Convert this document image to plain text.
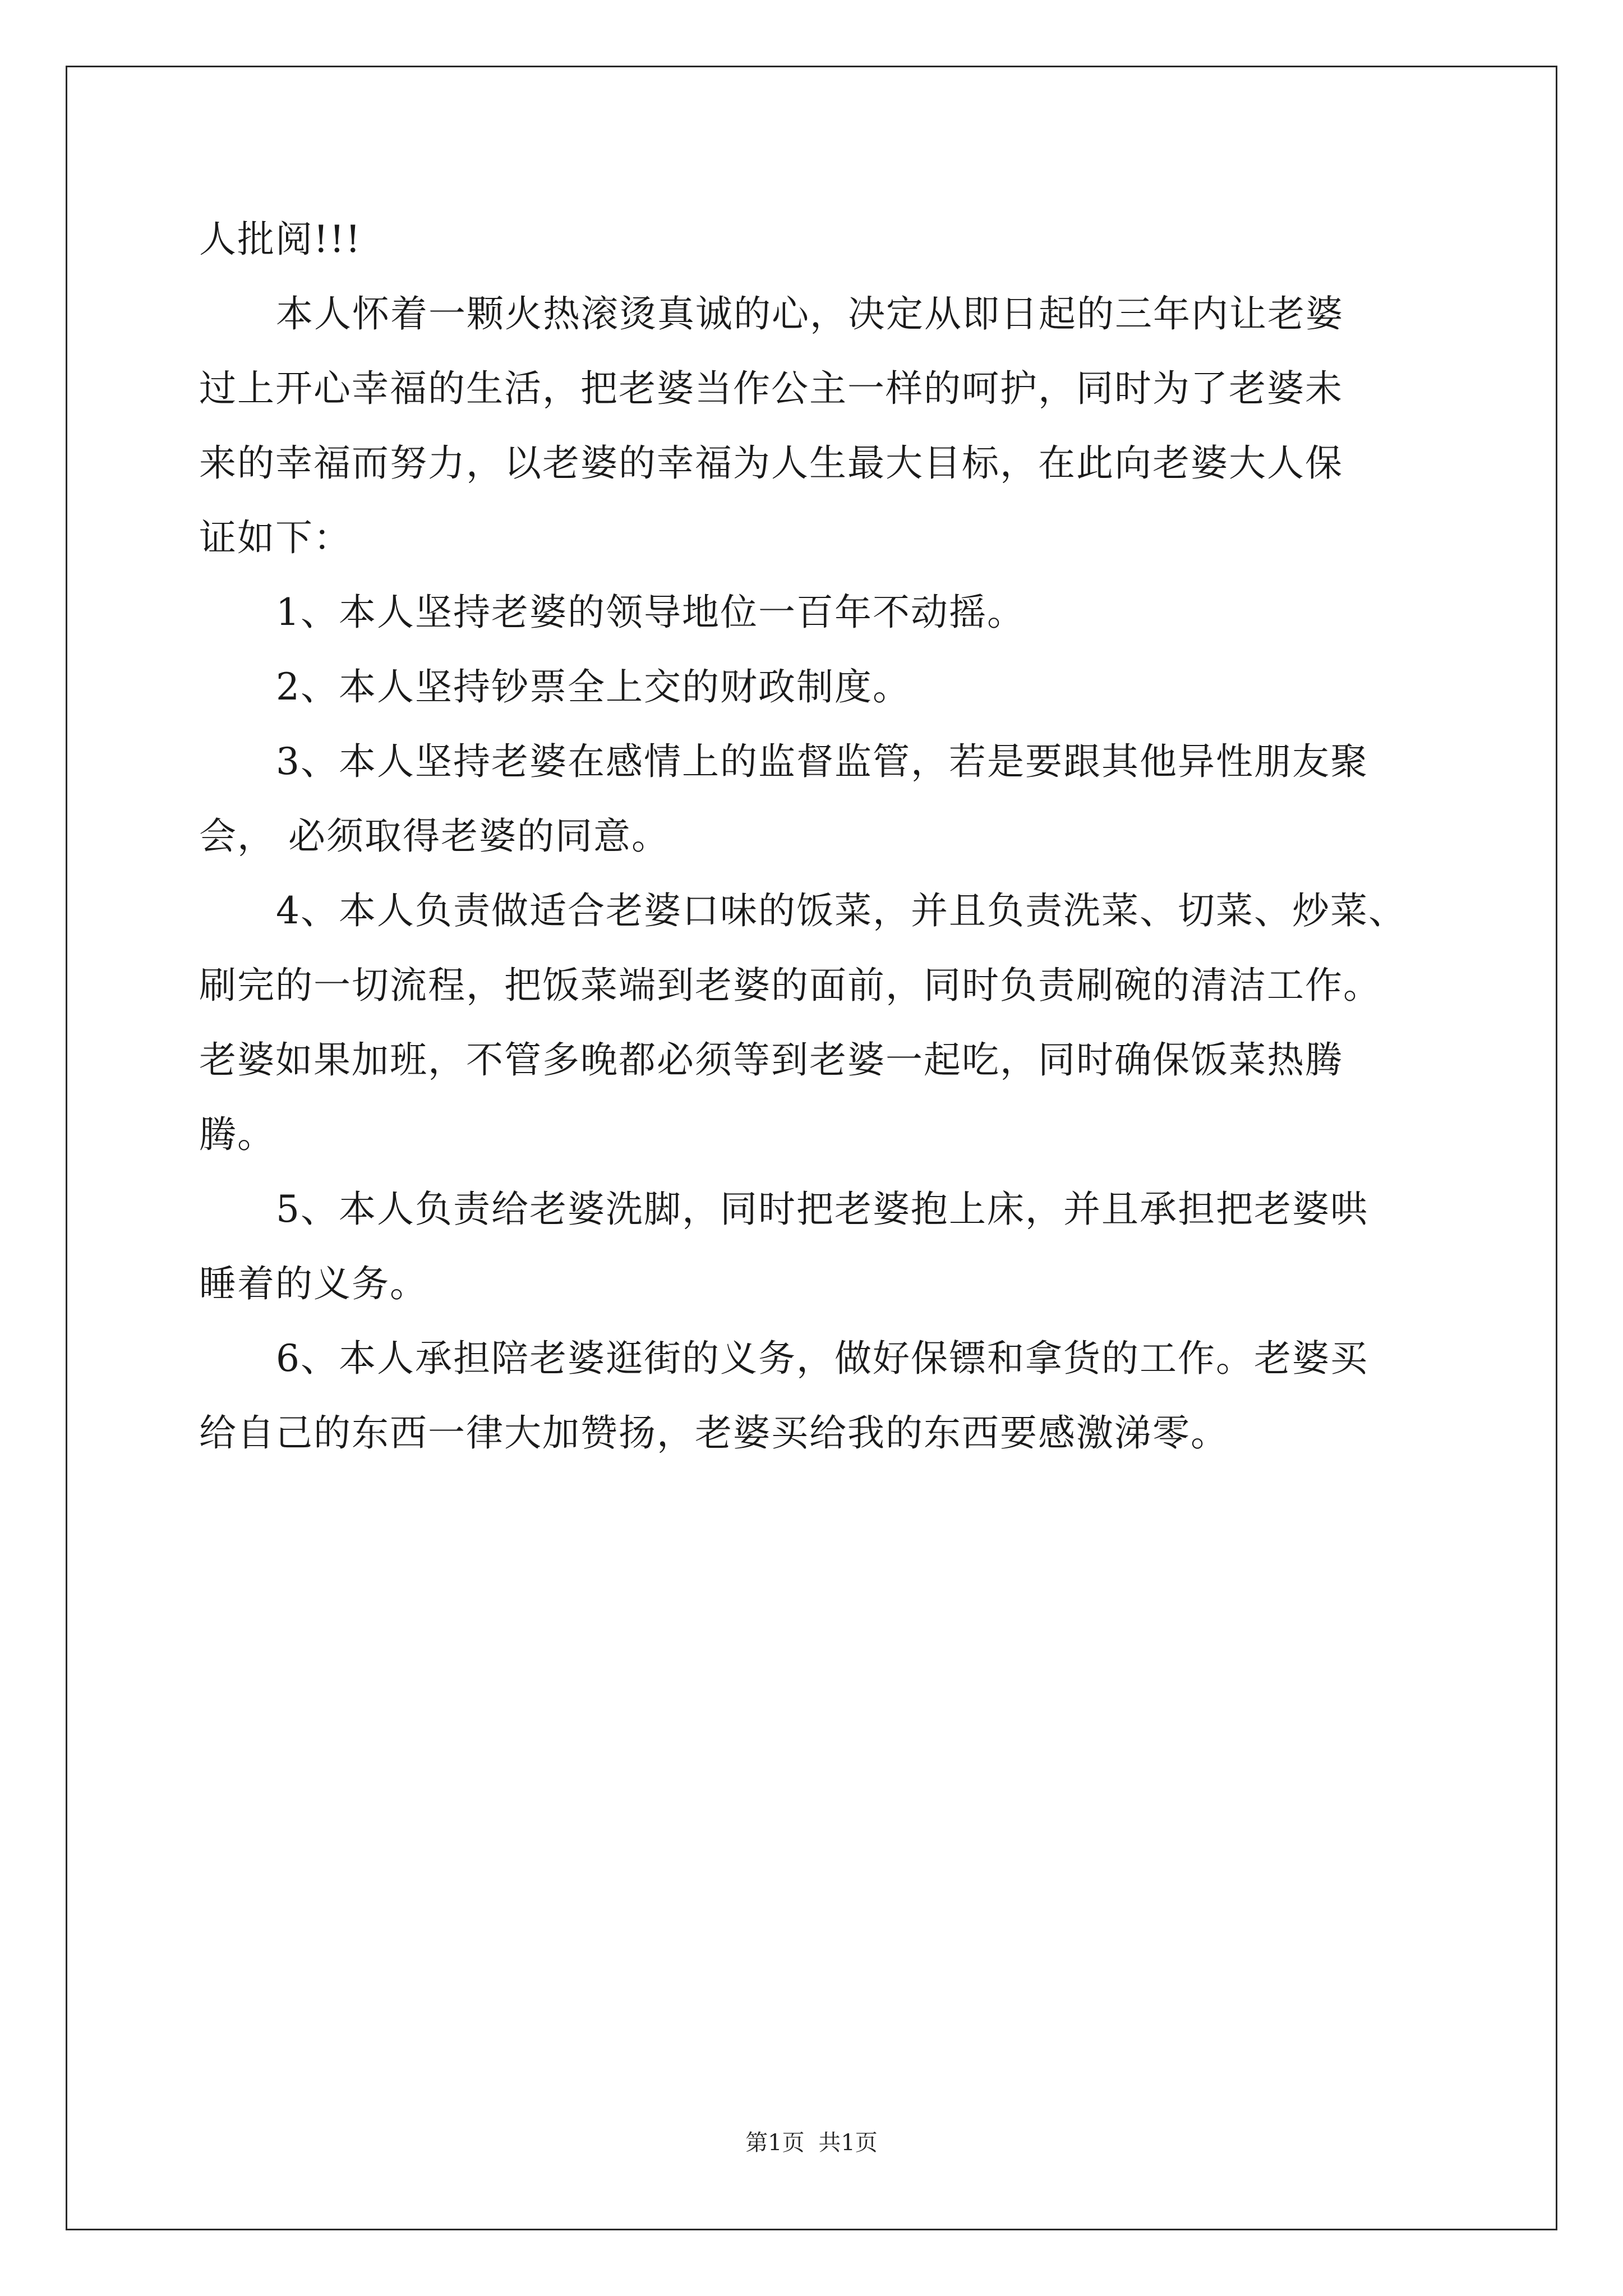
人批阅!!!
本人怀着一颗火热滚烫真诚的心，决定从即日起的三年内让老婆
过上开心幸福的生活，把老婆当作公主一样的呵护，同时为了老婆未
来的幸福而努力，以老婆的幸福为人生最大目标，在此向老婆大人保
证如下：
1、本人坚持老婆的领导地位一百年不动摇。
2、本人坚持钞票全上交的财政制度。
3、本人坚持老婆在感情上的监督监管，若是要跟其他异性朋友聚
会， 必须取得老婆的同意。
4、本人负责做适合老婆口味的饭菜，并且负责洗菜、切菜、炒菜、
刷完的一切流程，把饭菜端到老婆的面前，同时负责刷碗的清洁工作。
老婆如果加班，不管多晚都必须等到老婆一起吃，同时确保饭菜热腾
腾。
5、本人负责给老婆洗脚，同时把老婆抱上床，并且承担把老婆哄
睡着的义务。
6、本人承担陪老婆逛街的义务，做好保镖和拿货的工作。老婆买
给自己的东西一律大加赞扬，老婆买给我的东西要感激涕零。
第1页 共1页
